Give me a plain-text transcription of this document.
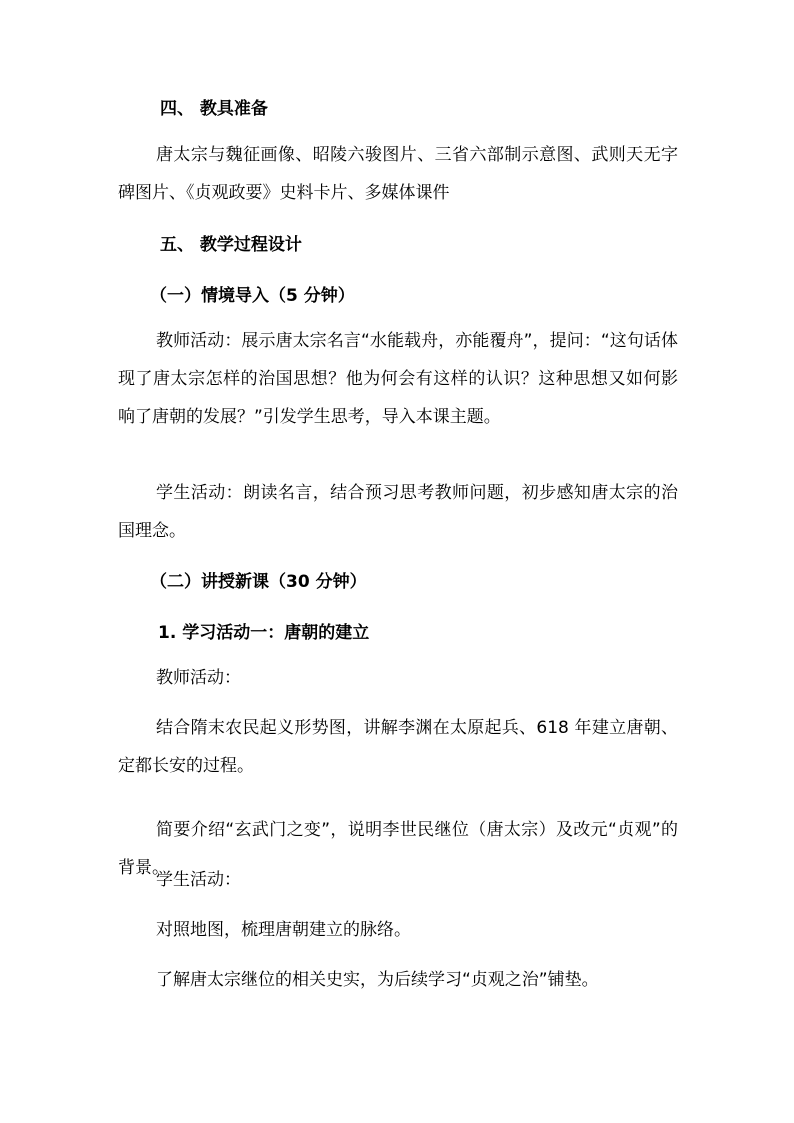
四、 教具准备

唐太宗与魏征画像、昭陵六骏图片、三省六部制示意图、武则天无字碑图片、《贞观政要》史料卡片、多媒体课件

五、 教学过程设计
（一）情境导入（5 分钟）

教师活动：展示唐太宗名言“水能载舟，亦能覆舟”，提问：“这句话体现了唐太宗怎样的治国思想？他为何会有这样的认识？这种思想又如何影响了唐朝的发展？”引发学生思考，导入本课主题。

学生活动：朗读名言，结合预习思考教师问题，初步感知唐太宗的治国理念。

（二）讲授新课（30 分钟）
1. 学习活动一：唐朝的建立

教师活动：

结合隋末农民起义形势图，讲解李渊在太原起兵、618 年建立唐朝、定都长安的过程。

简要介绍“玄武门之变”，说明李世民继位（唐太宗）及改元“贞观”的背景。

学生活动：

对照地图，梳理唐朝建立的脉络。

了解唐太宗继位的相关史实，为后续学习“贞观之治”铺垫。
